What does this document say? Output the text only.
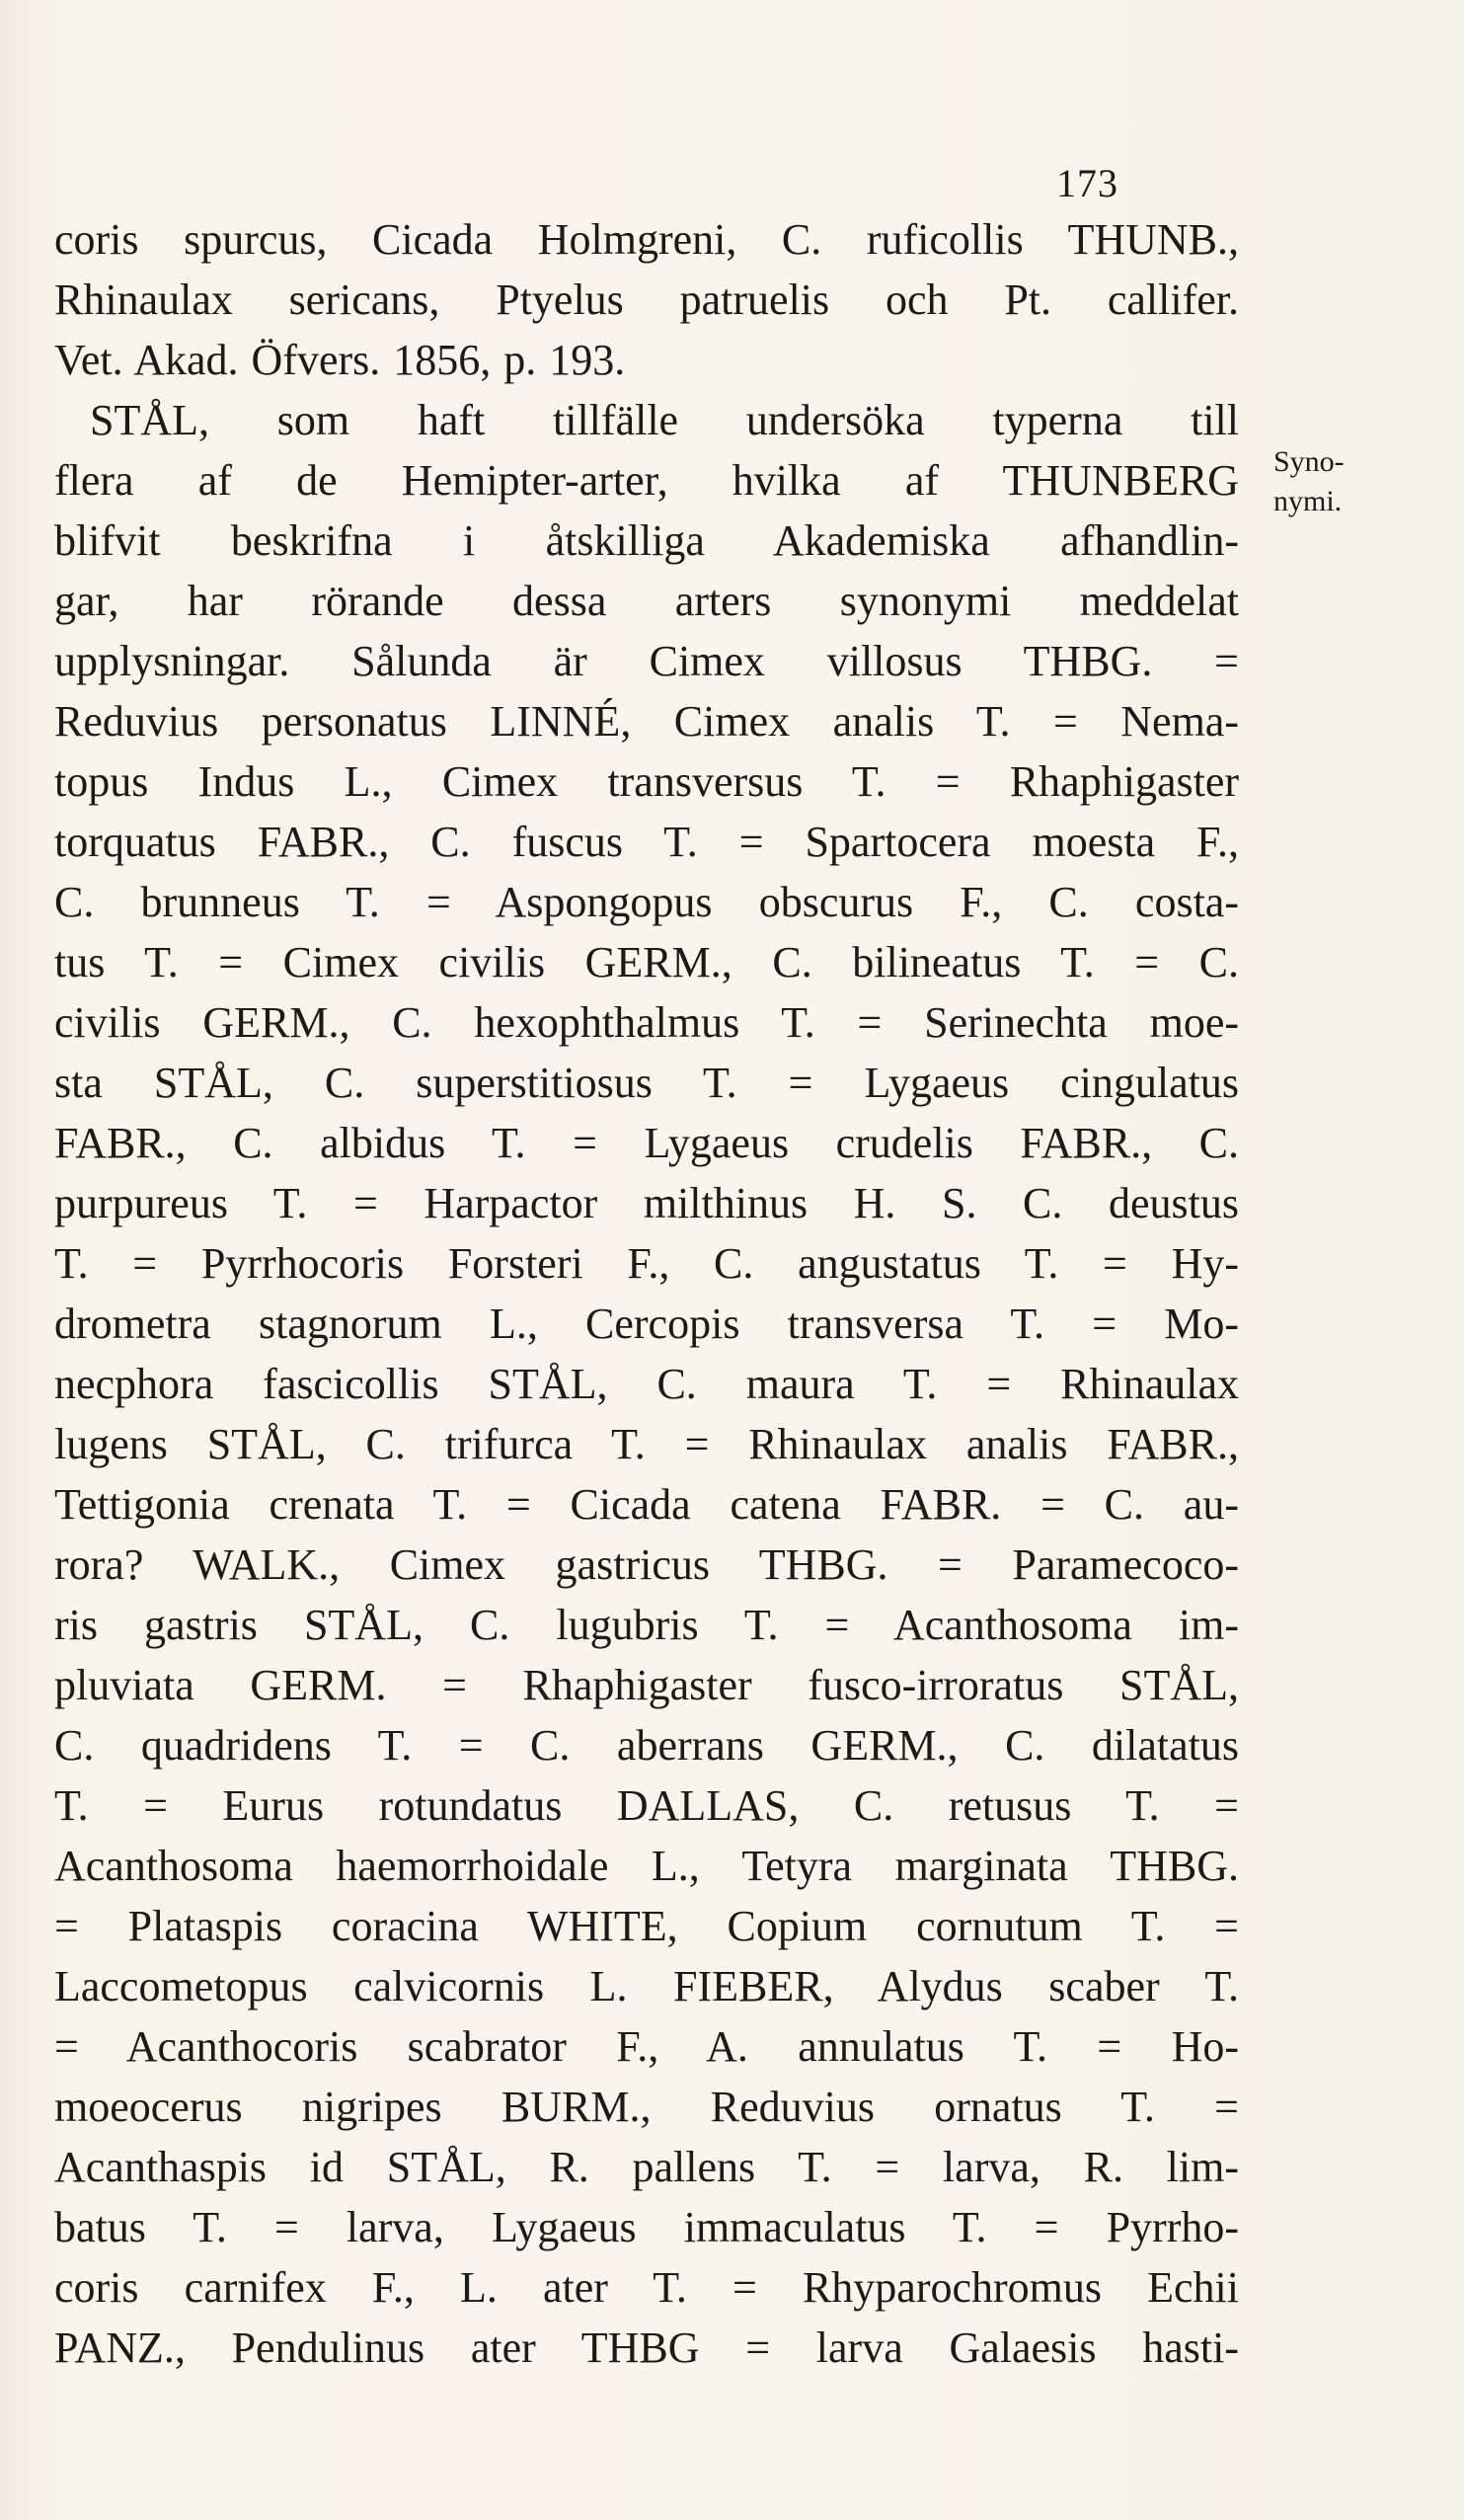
173
Syno-
nymi.
coris spurcus, Cicada Holmgreni, C. ruficollis THUNB.,
Rhinaulax sericans, Ptyelus patruelis och Pt. callifer.
Vet. Akad. Öfvers. 1856, p. 193.
STÅL, som haft tillfälle undersöka typerna till
flera af de Hemipter-arter, hvilka af THUNBERG
blifvit beskrifna i åtskilliga Akademiska afhandlin-
gar, har rörande dessa arters synonymi meddelat
upplysningar. Sålunda är Cimex villosus THBG. =
Reduvius personatus LINNÉ, Cimex analis T. = Nema-
topus Indus L., Cimex transversus T. = Rhaphigaster
torquatus FABR., C. fuscus T. = Spartocera moesta F.,
C. brunneus T. = Aspongopus obscurus F., C. costa-
tus T. = Cimex civilis GERM., C. bilineatus T. = C.
civilis GERM., C. hexophthalmus T. = Serinechta moe-
sta STÅL, C. superstitiosus T. = Lygaeus cingulatus
FABR., C. albidus T. = Lygaeus crudelis FABR., C.
purpureus T. = Harpactor milthinus H. S. C. deustus
T. = Pyrrhocoris Forsteri F., C. angustatus T. = Hy-
drometra stagnorum L., Cercopis transversa T. = Mo-
necphora fascicollis STÅL, C. maura T. = Rhinaulax
lugens STÅL, C. trifurca T. = Rhinaulax analis FABR.,
Tettigonia crenata T. = Cicada catena FABR. = C. au-
rora? WALK., Cimex gastricus THBG. = Paramecoco-
ris gastris STÅL, C. lugubris T. = Acanthosoma im-
pluviata GERM. = Rhaphigaster fusco-irroratus STÅL,
C. quadridens T. = C. aberrans GERM., C. dilatatus
T. = Eurus rotundatus DALLAS, C. retusus T. =
Acanthosoma haemorrhoidale L., Tetyra marginata THBG.
= Plataspis coracina WHITE, Copium cornutum T. =
Laccometopus calvicornis L. FIEBER, Alydus scaber T.
= Acanthocoris scabrator F., A. annulatus T. = Ho-
moeocerus nigripes BURM., Reduvius ornatus T. =
Acanthaspis id STÅL, R. pallens T. = larva, R. lim-
batus T. = larva, Lygaeus immaculatus T. = Pyrrho-
coris carnifex F., L. ater T. = Rhyparochromus Echii
PANZ., Pendulinus ater THBG = larva Galaesis hasti-
